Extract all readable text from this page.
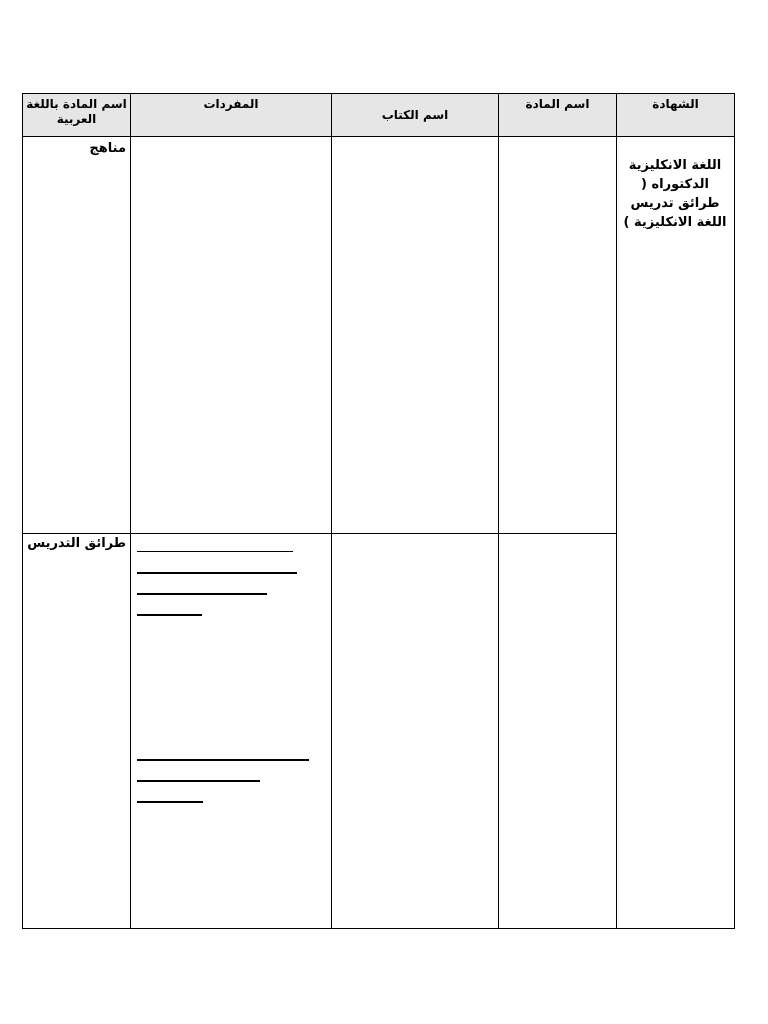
اسم المادة باللغة العربية
المفردات
اسم الكتاب
اسم المادة	الشهادة
اللغة الانكليزية الدكتوراه ( طرائق تدريس اللغة الانكليزية )
مناهج
طرائق التدريس
